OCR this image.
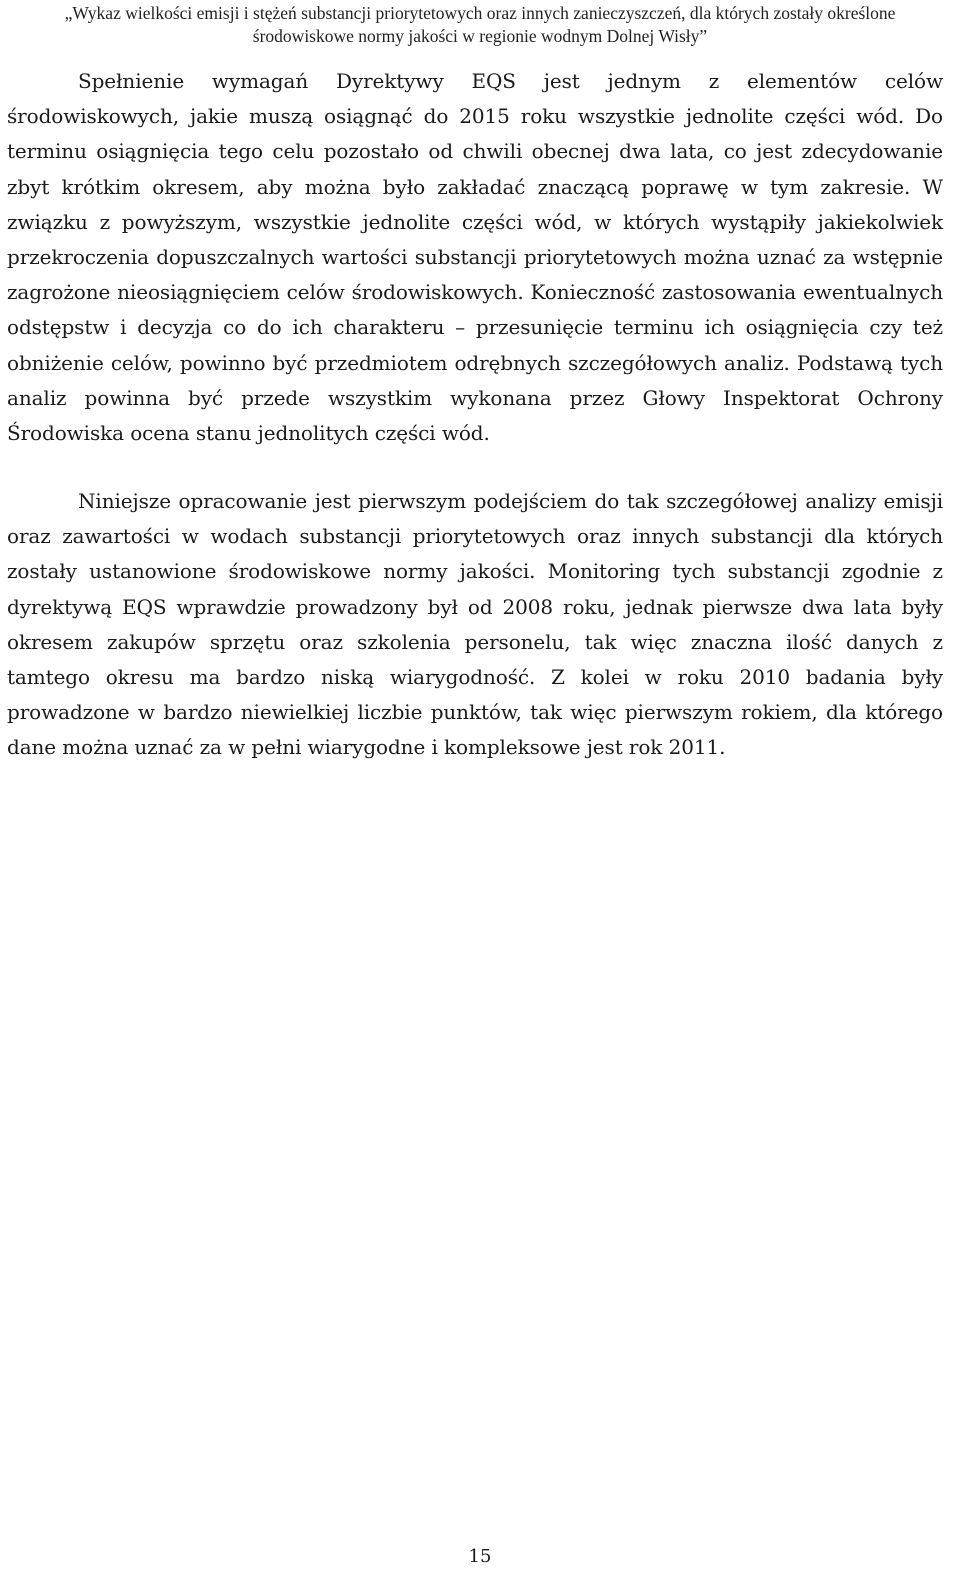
„Wykaz wielkości emisji i stężeń substancji priorytetowych oraz innych zanieczyszczeń, dla których zostały określone
środowiskowe normy jakości w regionie wodnym Dolnej Wisły”

Spełnienie wymagań Dyrektywy EQS jest jednym z elementów celów środowiskowych, jakie muszą osiągnąć do 2015 roku wszystkie jednolite części wód. Do terminu osiągnięcia tego celu pozostało od chwili obecnej dwa lata, co jest zdecydowanie zbyt krótkim okresem, aby można było zakładać znaczącą poprawę w tym zakresie. W związku z powyższym, wszystkie jednolite części wód, w których wystąpiły jakiekolwiek przekroczenia dopuszczalnych wartości substancji priorytetowych można uznać za wstępnie zagrożone nieosiągnięciem celów środowiskowych. Konieczność zastosowania ewentualnych odstępstw i decyzja co do ich charakteru – przesunięcie terminu ich osiągnięcia czy też obniżenie celów, powinno być przedmiotem odrębnych szczegółowych analiz. Podstawą tych analiz powinna być przede wszystkim wykonana przez Głowy Inspektorat Ochrony Środowiska ocena stanu jednolitych części wód.

Niniejsze opracowanie jest pierwszym podejściem do tak szczegółowej analizy emisji oraz zawartości w wodach substancji priorytetowych oraz innych substancji dla których zostały ustanowione środowiskowe normy jakości. Monitoring tych substancji zgodnie z dyrektywą EQS wprawdzie prowadzony był od 2008 roku, jednak pierwsze dwa lata były okresem zakupów sprzętu oraz szkolenia personelu, tak więc znaczna ilość danych z tamtego okresu ma bardzo niską wiarygodność. Z kolei w roku 2010 badania były prowadzone w bardzo niewielkiej liczbie punktów, tak więc pierwszym rokiem, dla którego dane można uznać za w pełni wiarygodne i kompleksowe jest rok 2011.

15
